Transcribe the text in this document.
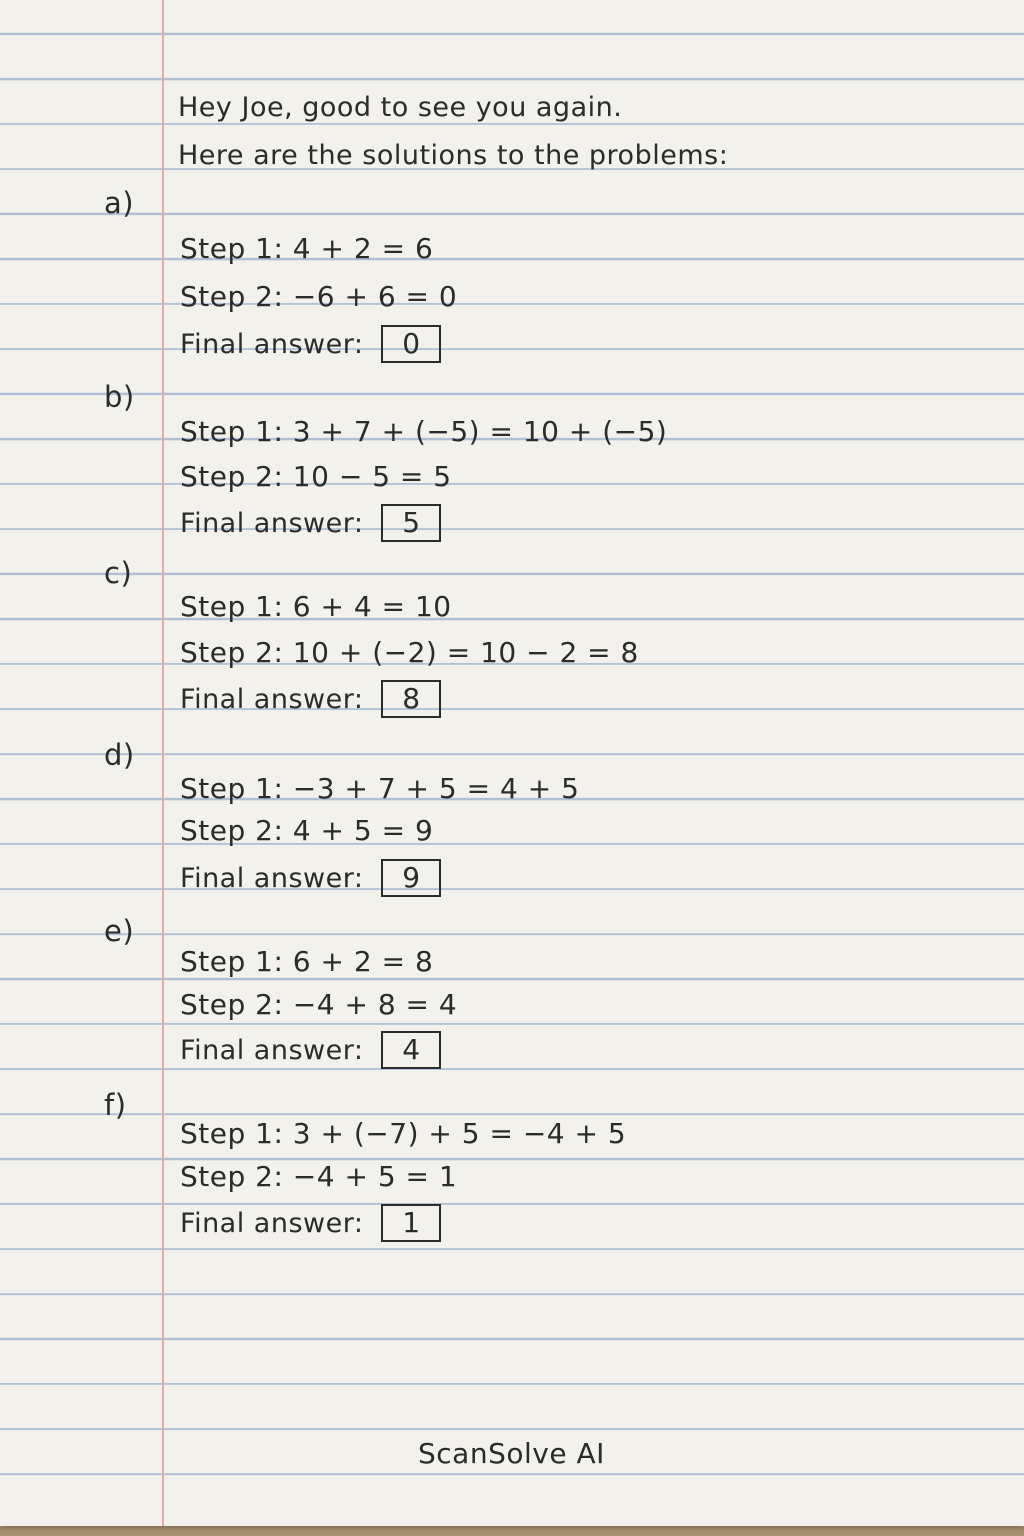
Hey Joe, good to see you again.
Here are the solutions to the problems:
a)
Step 1: 4 + 2 = 6
Step 2: −6 + 6 = 0
Final answer: 0
b)
Step 1: 3 + 7 + (−5) = 10 + (−5)
Step 2: 10 − 5 = 5
Final answer: 5
c)
Step 1: 6 + 4 = 10
Step 2: 10 + (−2) = 10 − 2 = 8
Final answer: 8
d)
Step 1: −3 + 7 + 5 = 4 + 5
Step 2: 4 + 5 = 9
Final answer: 9
e)
Step 1: 6 + 2 = 8
Step 2: −4 + 8 = 4
Final answer: 4
f)
Step 1: 3 + (−7) + 5 = −4 + 5
Step 2: −4 + 5 = 1
Final answer: 1
ScanSolve AI
